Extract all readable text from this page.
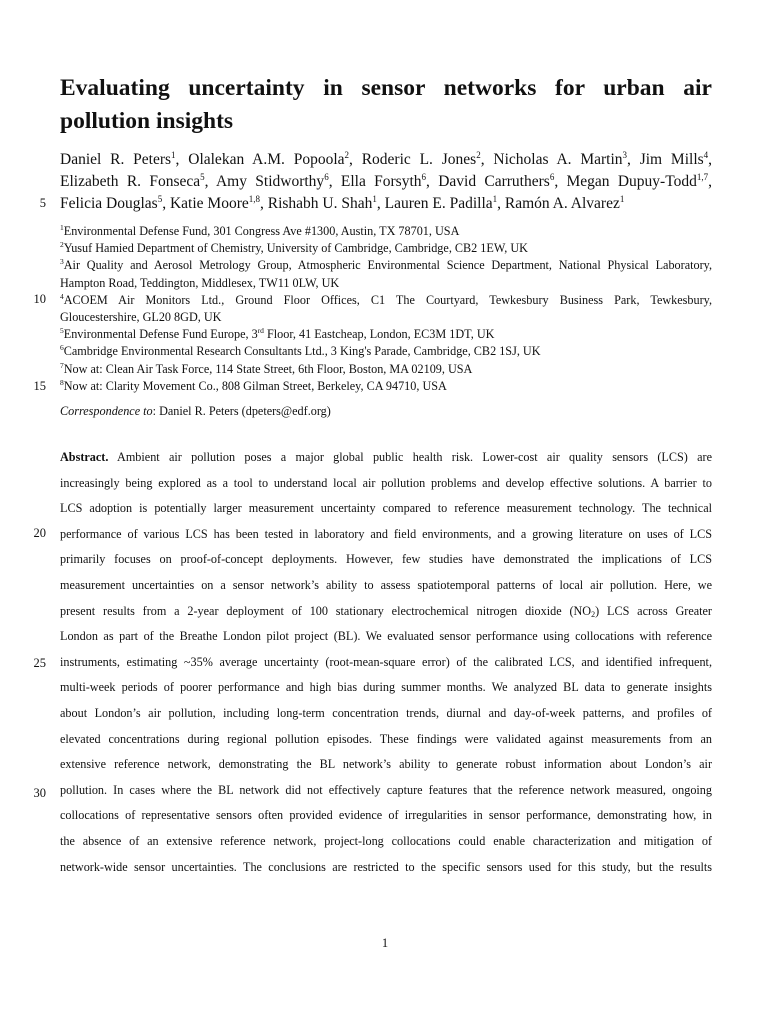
Evaluating uncertainty in sensor networks for urban air pollution insights

Daniel R. Peters$^1$, Olalekan A.M. Popoola$^2$, Roderic L. Jones$^2$, Nicholas A. Martin$^3$, Jim Mills$^4$,

Elizabeth R. Fonseca$^5$, Amy Stidworthy$^6$, Ella Forsyth$^6$, David Carruthers$^6$, Megan Dupuy-Todd$^{1,7}$,

Felicia Douglas$^5$, Katie Moore$^{1,8}$, Rishabh U. Shah$^1$, Lauren E. Padilla$^1$, Ramón A. Alvarez$^1$

$^1$Environmental Defense Fund, 301 Congress Ave #1300, Austin, TX 78701, USA
$^2$Yusuf Hamied Department of Chemistry, University of Cambridge, Cambridge, CB2 1EW, UK
$^3$Air Quality and Aerosol Metrology Group, Atmospheric Environmental Science Department, National Physical Laboratory,
Hampton Road, Teddington, Middlesex, TW11 0LW, UK
$^4$ACOEM Air Monitors Ltd., Ground Floor Offices, C1 The Courtyard, Tewkesbury Business Park, Tewkesbury,
Gloucestershire, GL20 8GD, UK
$^5$Environmental Defense Fund Europe, 3rd Floor, 41 Eastcheap, London, EC3M 1DT, UK
$^6$Cambridge Environmental Research Consultants Ltd., 3 King's Parade, Cambridge, CB2 1SJ, UK
$^7$Now at: Clean Air Task Force, 114 State Street, 6th Floor, Boston, MA 02109, USA
$^8$Now at: Clarity Movement Co., 808 Gilman Street, Berkeley, CA 94710, USA
Correspondence to: Daniel R. Peters (dpeters@edf.org)
Abstract. Ambient air pollution poses a major global public health risk. Lower-cost air quality sensors (LCS) are
increasingly being explored as a tool to understand local air pollution problems and develop effective solutions. A barrier to
LCS adoption is potentially larger measurement uncertainty compared to reference measurement technology. The technical
performance of various LCS has been tested in laboratory and field environments, and a growing literature on uses of LCS
primarily focuses on proof-of-concept deployments. However, few studies have demonstrated the implications of LCS
measurement uncertainties on a sensor network’s ability to assess spatiotemporal patterns of local air pollution. Here, we
present results from a 2-year deployment of 100 stationary electrochemical nitrogen dioxide $(NO_2)$ LCS across Greater
London as part of the Breathe London pilot project (BL). We evaluated sensor performance using collocations with reference
instruments, estimating ~35% average uncertainty (root-mean-square error) of the calibrated LCS, and identified infrequent,
multi-week periods of poorer performance and high bias during summer months. We analyzed BL data to generate insights
about London’s air pollution, including long-term concentration trends, diurnal and day-of-week patterns, and profiles of
elevated concentrations during regional pollution episodes. These findings were validated against measurements from an
extensive reference network, demonstrating the BL network’s ability to generate robust information about London’s air
pollution. In cases where the BL network did not effectively capture features that the reference network measured, ongoing
collocations of representative sensors often provided evidence of irregularities in sensor performance, demonstrating how, in
the absence of an extensive reference network, project-long collocations could enable characterization and mitigation of
network-wide sensor uncertainties. The conclusions are restricted to the specific sensors used for this study, but the results
5
10
15
20
25
30
1
